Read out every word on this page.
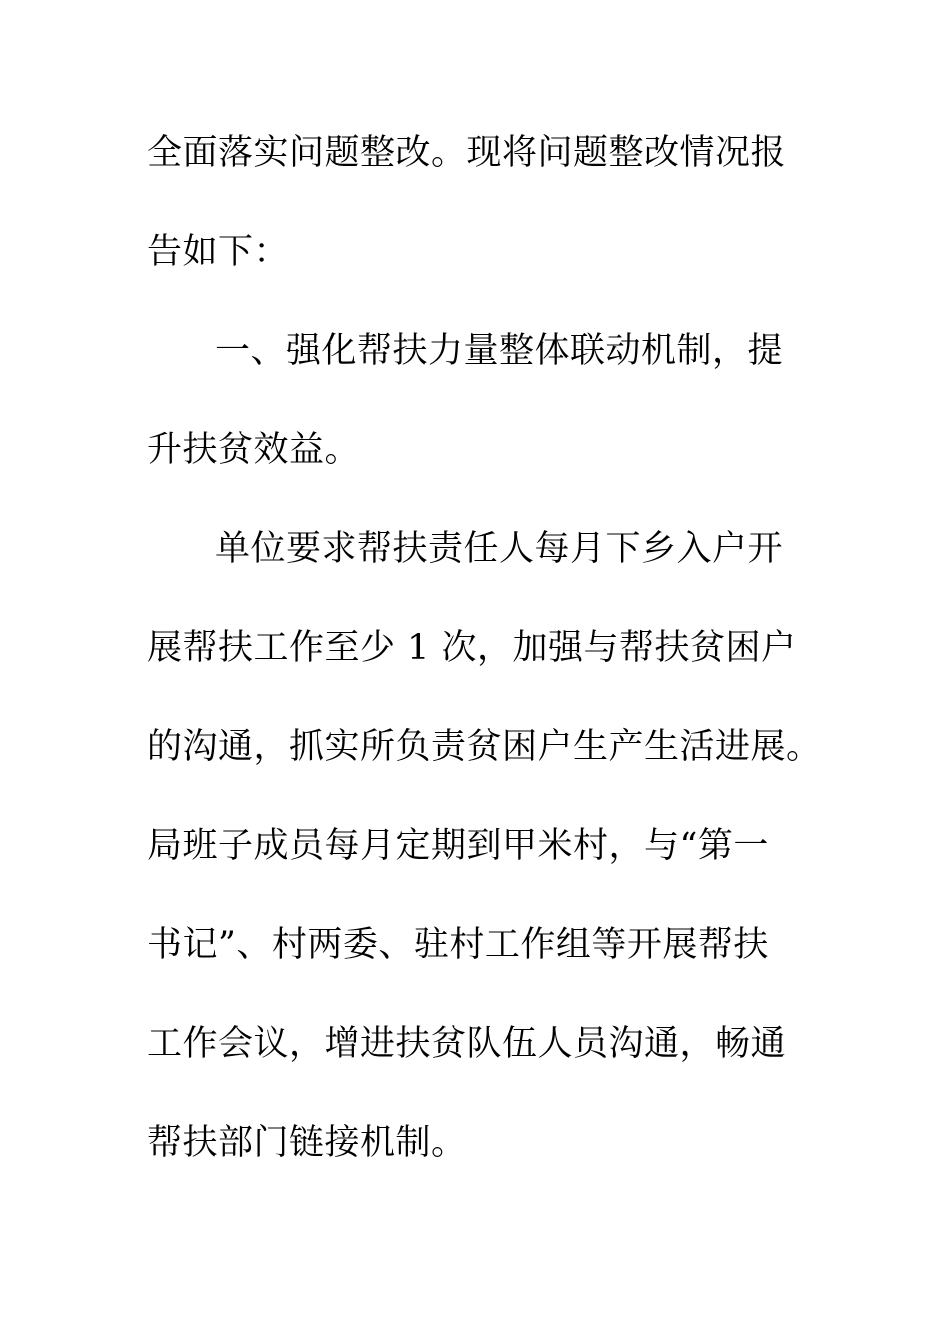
全面落实问题整改。现将问题整改情况报
告如下：
一、强化帮扶力量整体联动机制，提
升扶贫效益。
单位要求帮扶责任人每月下乡入户开
展帮扶工作至少 1 次，加强与帮扶贫困户
的沟通，抓实所负责贫困户生产生活进展。
局班子成员每月定期到甲米村，与“第一
书记”、村两委、驻村工作组等开展帮扶
工作会议，增进扶贫队伍人员沟通，畅通
帮扶部门链接机制。
